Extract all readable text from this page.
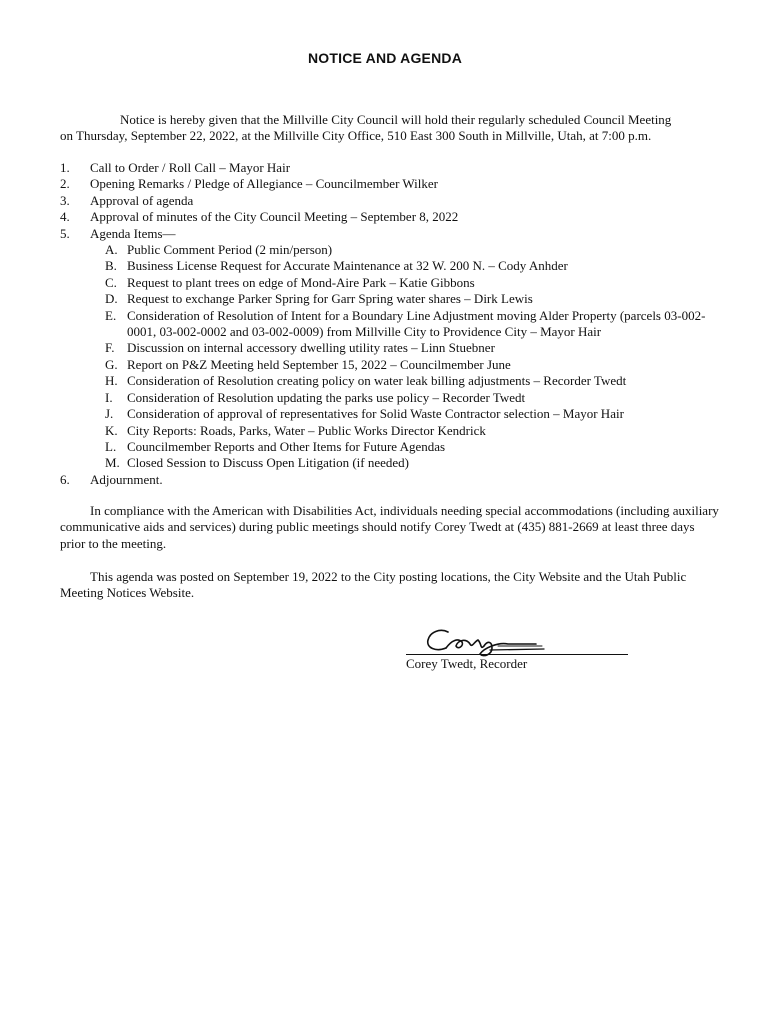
NOTICE AND AGENDA
Notice is hereby given that the Millville City Council will hold their regularly scheduled Council Meeting
on Thursday, September 22, 2022, at the Millville City Office, 510 East 300 South in Millville, Utah, at 7:00 p.m.
1.	Call to Order / Roll Call – Mayor Hair
2.	Opening Remarks / Pledge of Allegiance – Councilmember Wilker
3.	Approval of agenda
4.	Approval of minutes of the City Council Meeting – September 8, 2022
5.	Agenda Items—
A. Public Comment Period (2 min/person)
B. Business License Request for Accurate Maintenance at 32 W. 200 N. – Cody Anhder
C. Request to plant trees on edge of Mond-Aire Park – Katie Gibbons
D. Request to exchange Parker Spring for Garr Spring water shares – Dirk Lewis
E. Consideration of Resolution of Intent for a Boundary Line Adjustment moving Alder Property (parcels 03-002-0001, 03-002-0002 and 03-002-0009) from Millville City to Providence City – Mayor Hair
F. Discussion on internal accessory dwelling utility rates – Linn Stuebner
G. Report on P&Z Meeting held September 15, 2022 – Councilmember June
H. Consideration of Resolution creating policy on water leak billing adjustments – Recorder Twedt
I.	Consideration of Resolution updating the parks use policy – Recorder Twedt
J.	Consideration of approval of representatives for Solid Waste Contractor selection – Mayor Hair
K. City Reports: Roads, Parks, Water – Public Works Director Kendrick
L. Councilmember Reports and Other Items for Future Agendas
M. Closed Session to Discuss Open Litigation (if needed)
6.	Adjournment.
In compliance with the American with Disabilities Act, individuals needing special accommodations (including auxiliary communicative aids and services) during public meetings should notify Corey Twedt at (435) 881-2669 at least three days prior to the meeting.
This agenda was posted on September 19, 2022 to the City posting locations, the City Website and the Utah Public Meeting Notices Website.
Corey Twedt, Recorder
